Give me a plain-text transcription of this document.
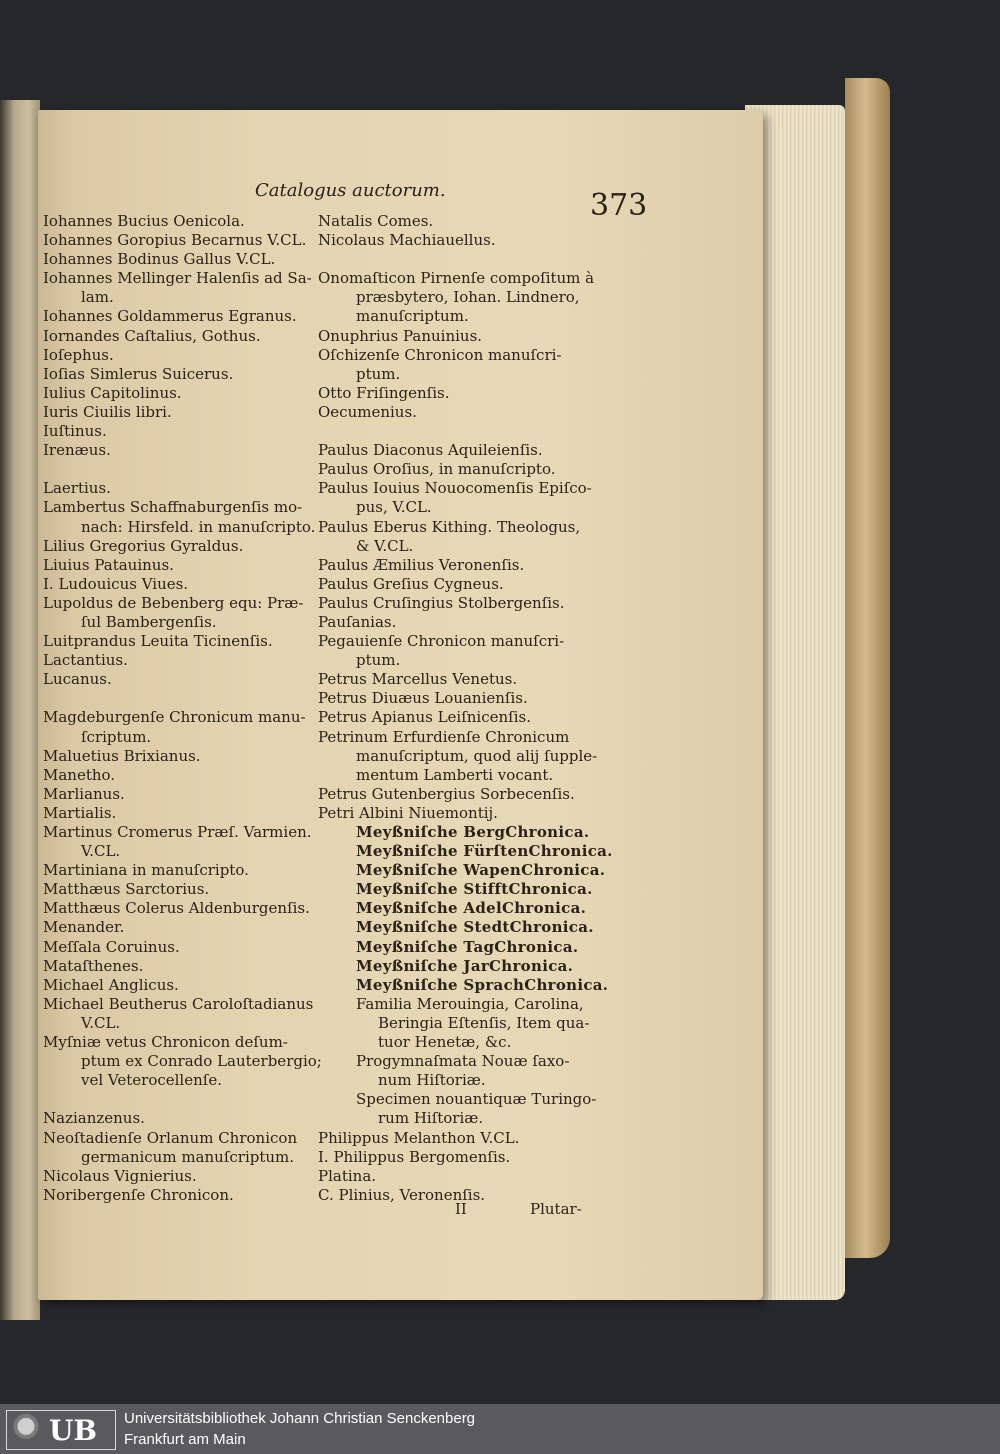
Catalogus auctorum.	373
Iohannes Bucius Oenicola.
Iohannes Goropius Becarnus V.CL.
Iohannes Bodinus Gallus V.CL.
Iohannes Mellinger Halenſis ad Sa-
lam.
Iohannes Goldammerus Egranus.
Iornandes Caſtalius, Gothus.
Ioſephus.
Ioſias Simlerus Suicerus.
Iulius Capitolinus.
Iuris Ciuilis libri.
Iuſtinus.
Irenæus.
Laertius.
Lambertus Schaffnaburgenſis mo-
nach: Hirsfeld. in manuſcripto.
Lilius Gregorius Gyraldus.
Liuius Patauinus.
I. Ludouicus Viues.
Lupoldus de Bebenberg equ: Præ-
ſul Bambergenſis.
Luitprandus Leuita Ticinenſis.
Lactantius.
Lucanus.
Magdeburgenſe Chronicum manu-
ſcriptum.
Maluetius Brixianus.
Manetho.
Marlianus.
Martialis.
Martinus Cromerus Præſ. Varmien.
V.CL.
Martiniana in manuſcripto.
Matthæus Sarctorius.
Matthæus Colerus Aldenburgenſis.
Menander.
Meſſala Coruinus.
Mataſthenes.
Michael Anglicus.
Michael Beutherus Caroloſtadianus
V.CL.
Myſniæ vetus Chronicon deſum-
ptum ex Conrado Lauterbergio;
vel Veterocellenſe.
Nazianzenus.
Neoſtadienſe Orlanum Chronicon
germanicum manuſcriptum.
Nicolaus Vignierius.
Noribergenſe Chronicon.
Natalis Comes.
Nicolaus Machiauellus.
Onomaſticon Pirnenſe compoſitum à
præsbytero, Iohan. Lindnero,
manuſcriptum.
Onuphrius Panuinius.
Oſchizenſe Chronicon manuſcri-
ptum.
Otto Friſingenſis.
Oecumenius.
Paulus Diaconus Aquileienſis.
Paulus Oroſius, in manuſcripto.
Paulus Iouius Nouocomenſis Epiſco-
pus, V.CL.
Paulus Eberus Kithing. Theologus,
& V.CL.
Paulus Æmilius Veronenſis.
Paulus Greſius Cygneus.
Paulus Cruſingius Stolbergenſis.
Pauſanias.
Pegauienſe Chronicon manuſcri-
ptum.
Petrus Marcellus Venetus.
Petrus Diuæus Louanienſis.
Petrus Apianus Leiſnicenſis.
Petrinum Erfurdienſe Chronicum
manuſcriptum, quod alij ſupple-
mentum Lamberti vocant.
Petrus Gutenbergius Sorbecenſis.
Petri Albini Niuemontij.
Meyßniſche BergChronica.
Meyßniſche FürſtenChronica.
Meyßniſche WapenChronica.
Meyßniſche StifftChronica.
Meyßniſche AdelChronica.
Meyßniſche StedtChronica.
Meyßniſche TagChronica.
Meyßniſche JarChronica.
Meyßniſche SprachChronica.
Familia Merouingia, Carolina,
Beringia Eſtenſis, Item qua-
tuor Henetæ, &c.
Progymnaſmata Nouæ ſaxo-
num Hiſtoriæ.
Specimen nouantiquæ Turingo-
rum Hiſtoriæ.
Philippus Melanthon V.CL.
I. Philippus Bergomenſis.
Platina.
C. Plinius, Veronenſis.
II	Plutar-
UB Universitätsbibliothek Johann Christian Senckenberg
Frankfurt am Main
